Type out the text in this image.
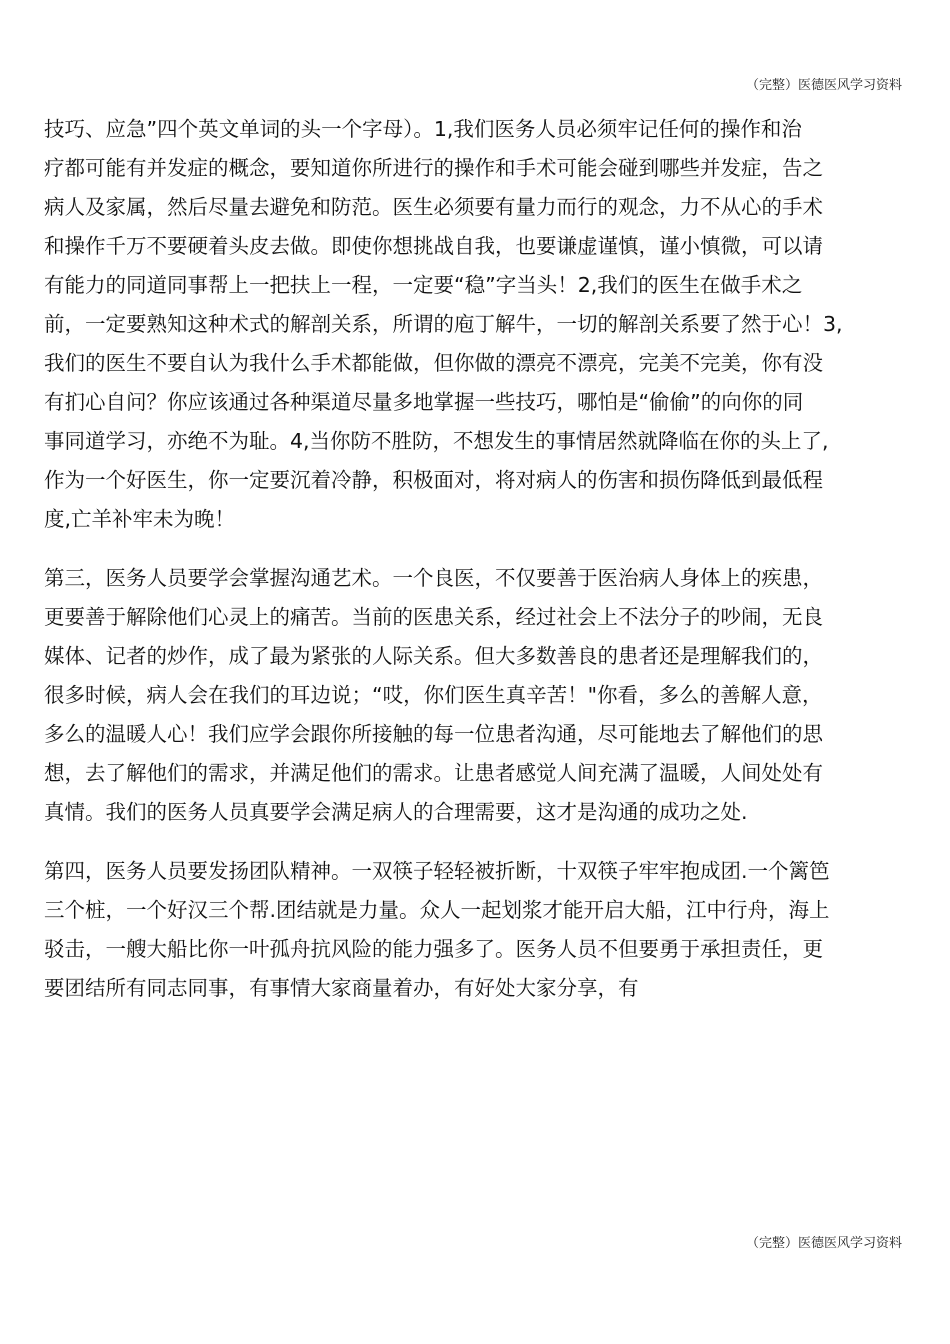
（完整）医德医风学习资料
技巧、应急”四个英文单词的头一个字母）。1,我们医务人员必须牢记任何的操作和治
疗都可能有并发症的概念，要知道你所进行的操作和手术可能会碰到哪些并发症，告之
病人及家属，然后尽量去避免和防范。医生必须要有量力而行的观念，力不从心的手术
和操作千万不要硬着头皮去做。即使你想挑战自我，也要谦虚谨慎，谨小慎微，可以请
有能力的同道同事帮上一把扶上一程，一定要“稳”字当头！2,我们的医生在做手术之
前，一定要熟知这种术式的解剖关系，所谓的庖丁解牛，一切的解剖关系要了然于心！3,
我们的医生不要自认为我什么手术都能做，但你做的漂亮不漂亮，完美不完美，你有没
有扪心自问？你应该通过各种渠道尽量多地掌握一些技巧，哪怕是“偷偷”的向你的同
事同道学习，亦绝不为耻。4,当你防不胜防，不想发生的事情居然就降临在你的头上了,
作为一个好医生，你一定要沉着冷静，积极面对，将对病人的伤害和损伤降低到最低程
度,亡羊补牢未为晚！
第三，医务人员要学会掌握沟通艺术。一个良医，不仅要善于医治病人身体上的疾患，
更要善于解除他们心灵上的痛苦。当前的医患关系，经过社会上不法分子的吵闹，无良
媒体、记者的炒作，成了最为紧张的人际关系。但大多数善良的患者还是理解我们的，
很多时候，病人会在我们的耳边说；“哎，你们医生真辛苦！"你看，多么的善解人意，
多么的温暖人心！我们应学会跟你所接触的每一位患者沟通，尽可能地去了解他们的思
想，去了解他们的需求，并满足他们的需求。让患者感觉人间充满了温暖，人间处处有
真情。我们的医务人员真要学会满足病人的合理需要，这才是沟通的成功之处.
第四，医务人员要发扬团队精神。一双筷子轻轻被折断，十双筷子牢牢抱成团.一个篱笆
三个桩，一个好汉三个帮.团结就是力量。众人一起划浆才能开启大船，江中行舟，海上
驳击，一艘大船比你一叶孤舟抗风险的能力强多了。医务人员不但要勇于承担责任，更
要团结所有同志同事，有事情大家商量着办，有好处大家分享，有
（完整）医德医风学习资料
